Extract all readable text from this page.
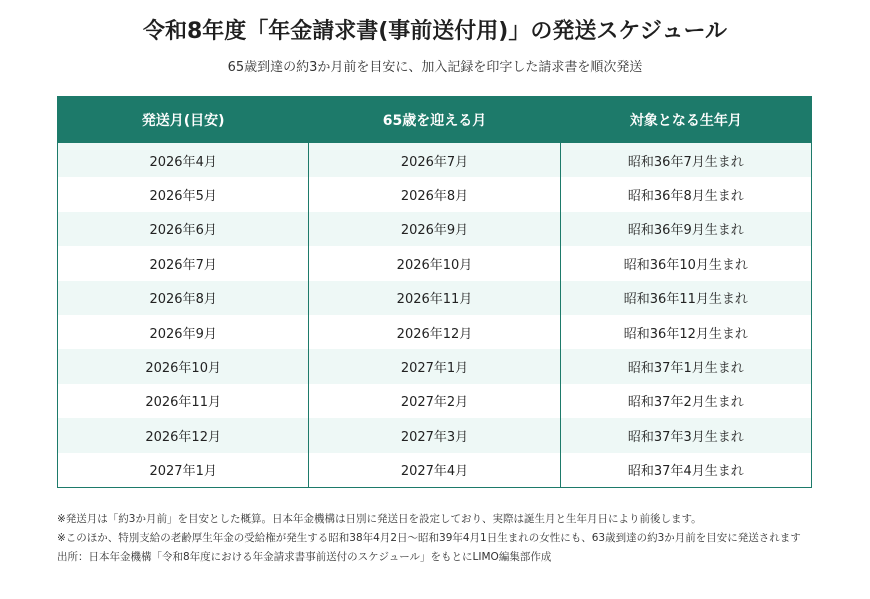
令和8年度「年金請求書(事前送付用)」の発送スケジュール
65歳到達の約3か月前を目安に、加入記録を印字した請求書を順次発送
発送月(目安)	65歳を迎える月	対象となる生年月
2026年4月	2026年7月	昭和36年7月生まれ
2026年5月	2026年8月	昭和36年8月生まれ
2026年6月	2026年9月	昭和36年9月生まれ
2026年7月	2026年10月	昭和36年10月生まれ
2026年8月	2026年11月	昭和36年11月生まれ
2026年9月	2026年12月	昭和36年12月生まれ
2026年10月	2027年1月	昭和37年1月生まれ
2026年11月	2027年2月	昭和37年2月生まれ
2026年12月	2027年3月	昭和37年3月生まれ
2027年1月	2027年4月	昭和37年4月生まれ
※発送月は「約3か月前」を目安とした概算。日本年金機構は日別に発送日を設定しており、実際は誕生月と生年月日により前後します。
※このほか、特別支給の老齢厚生年金の受給権が発生する昭和38年4月2日〜昭和39年4月1日生まれの女性にも、63歳到達の約3か月前を目安に発送されます
出所：日本年金機構「令和8年度における年金請求書事前送付のスケジュール」をもとにLIMO編集部作成
